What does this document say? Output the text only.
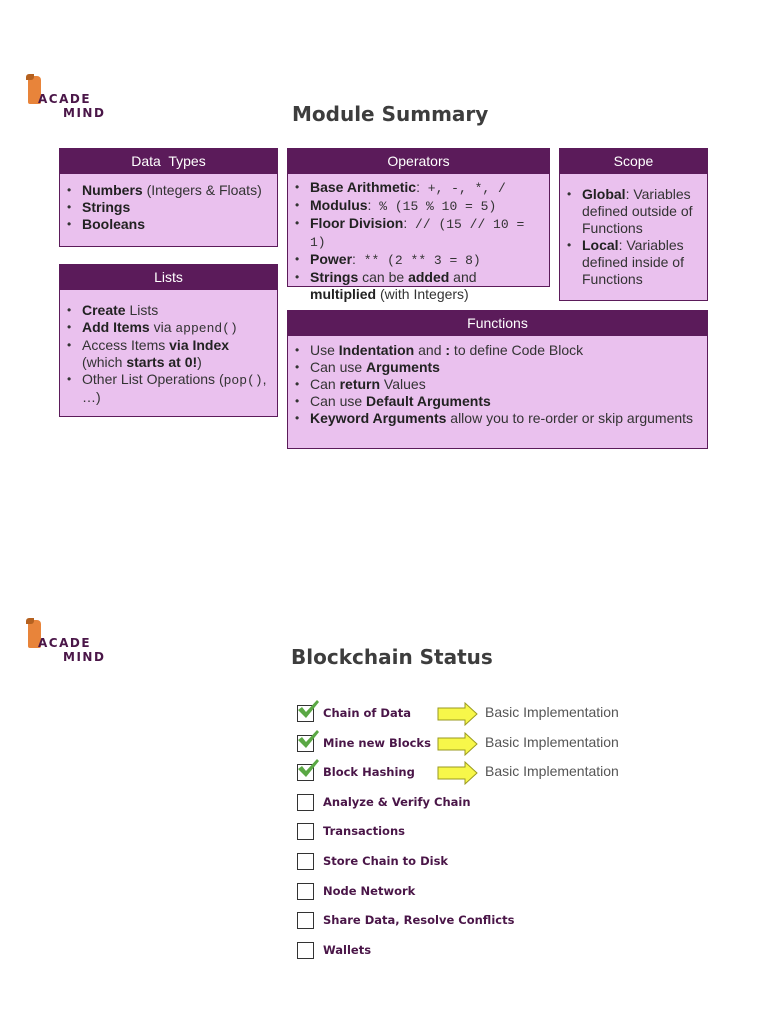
ACADE
MIND	Module Summary
Data  Types
• Numbers (Integers & Floats)
• Strings
• Booleans
Operators
• Base Arithmetic: +, -, *, /
• Modulus: % (15 % 10 = 5)
• Floor Division: // (15 // 10 = 1)
• Power: ** (2 ** 3 = 8)
• Strings can be added and multiplied (with Integers)
Scope
• Global: Variables defined outside of Functions
• Local: Variables defined inside of Functions
Lists
• Create Lists
• Add Items via append()
• Access Items via Index (which starts at 0!)
• Other List Operations (pop(), …)
Functions
• Use Indentation and : to define Code Block
• Can use Arguments
• Can return Values
• Can use Default Arguments
• Keyword Arguments allow you to re-order or skip arguments
ACADE
MIND	Blockchain Status
Chain of Data	Basic Implementation
Mine new Blocks	Basic Implementation
Block Hashing	Basic Implementation
Analyze & Verify Chain
Transactions
Store Chain to Disk
Node Network
Share Data, Resolve Conflicts
Wallets
